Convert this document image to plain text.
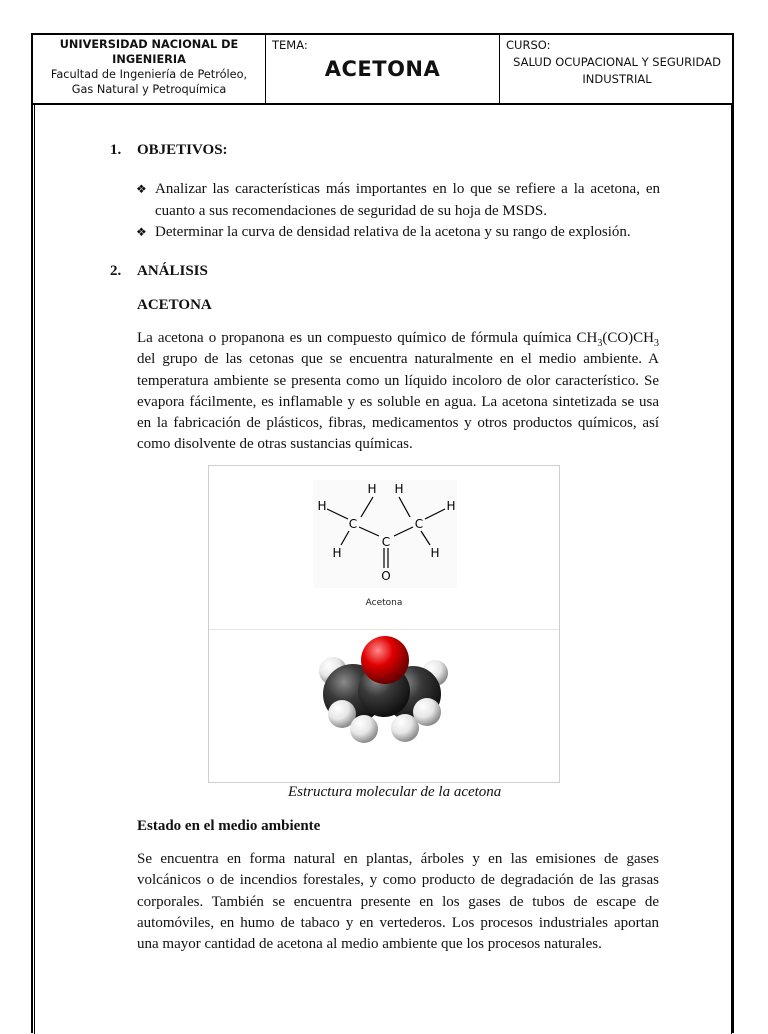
UNIVERSIDAD NACIONAL DE
INGENIERIA
Facultad de Ingeniería de Petróleo,
Gas Natural y Petroquímica
TEMA:
ACETONA
CURSO:
SALUD OCUPACIONAL Y SEGURIDAD
INDUSTRIAL
1. OBJETIVOS:
❖ Analizar las características más importantes en lo que se refiere a la acetona, en cuanto a sus recomendaciones de seguridad de su hoja de MSDS.
❖ Determinar la curva de densidad relativa de la acetona y su rango de explosión.
2. ANÁLISIS
ACETONA
La acetona o propanona es un compuesto químico de fórmula química $CH_3(CO)CH_3$ del grupo de las cetonas que se encuentra naturalmente en el medio ambiente. A temperatura ambiente se presenta como un líquido incoloro de olor característico. Se evapora fácilmente, es inflamable y es soluble en agua. La acetona sintetizada se usa en la fabricación de plásticos, fibras, medicamentos y otros productos químicos, así como disolvente de otras sustancias químicas.
H
C
H
H H
C
C
H
H
O
Acetona
Estructura molecular de la acetona
Estado en el medio ambiente
Se encuentra en forma natural en plantas, árboles y en las emisiones de gases volcánicos o de incendios forestales, y como producto de degradación de las grasas corporales. También se encuentra presente en los gases de tubos de escape de automóviles, en humo de tabaco y en vertederos. Los procesos industriales aportan una mayor cantidad de acetona al medio ambiente que los procesos naturales.
